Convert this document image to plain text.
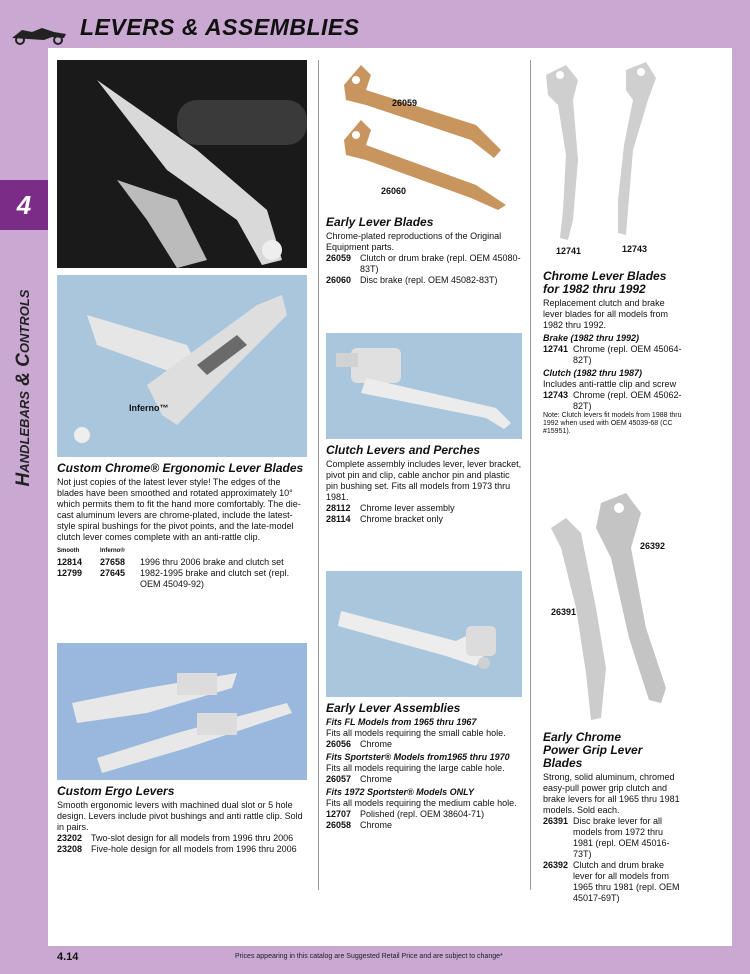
LEVERS & ASSEMBLIES
4
Handlebars & Controls	Inferno™
Custom Chrome® Ergonomic Lever Blades

Not just copies of the latest lever style! The edges of the blades have been smoothed and rotated approximately 10° which permits them to fit the hand more comfortably. The die-cast aluminum levers are chrome-plated, include the latest-style spiral bushings for the pivot points, and the late-model clutch lever comes complete with an anti-rattle clip.

Smooth	Inferno®
12814	27658	1996 thru 2006 brake and clutch set
12799	27645	1982-1995 brake and clutch set (repl. OEM 45049-92)
Custom Ergo Levers

Smooth ergonomic levers with machined dual slot or 5 hole design. Levers include pivot bushings and anti rattle clip. Sold in pairs.

23202 Two-slot design for all models from 1996 thru 2006
23208 Five-hole design for all models from 1996 thru 2006
26059
26060
Early Lever Blades

Chrome-plated reproductions of the Original Equipment parts.

26059 Clutch or drum brake (repl. OEM 45080-83T)
26060 Disc brake (repl. OEM 45082-83T)
Clutch Levers and Perches

Complete assembly includes lever, lever bracket, pivot pin and clip, cable anchor pin and plastic pin bushing set. Fits all models from 1973 thru 1981.

28112	Chrome lever assembly
28114	Chrome bracket only
Early Lever Assemblies
Fits FL Models from 1965 thru 1967

Fits all models requiring the small cable hole.

26056 Chrome
Fits Sportster® Models from1965 thru 1970

Fits all models requiring the large cable hole.

26057 Chrome
Fits 1972 Sportster® Models ONLY

Fits all models requiring the medium cable hole.

12707 Polished (repl. OEM 38604-71)
26058 Chrome
12741	12743
Chrome Lever Blades
for 1982 thru 1992

Replacement clutch and brake lever blades for all models from 1982 thru 1992.

Brake (1982 thru 1992)
12741 Chrome (repl. OEM 45064-82T)
Clutch (1982 thru 1987)

Includes anti-rattle clip and screw

12743 Chrome (repl. OEM 45062-82T)

Note: Clutch levers fit models from 1988 thru 1992 when used with OEM 45039-68 (CC #15951).

26391
26392
Early Chrome
Power Grip Lever Blades

Strong, solid aluminum, chromed easy-pull power grip clutch and brake levers for all 1965 thru 1981 models. Sold each.

26391 Disc brake lever for all models from 1972 thru 1981 (repl. OEM 45016-73T)
26392 Clutch and drum brake lever for all models from 1965 thru 1981 (repl. OEM 45017-69T)
4.14	Prices appearing in this catalog are Suggested Retail Price and are subject to change*
